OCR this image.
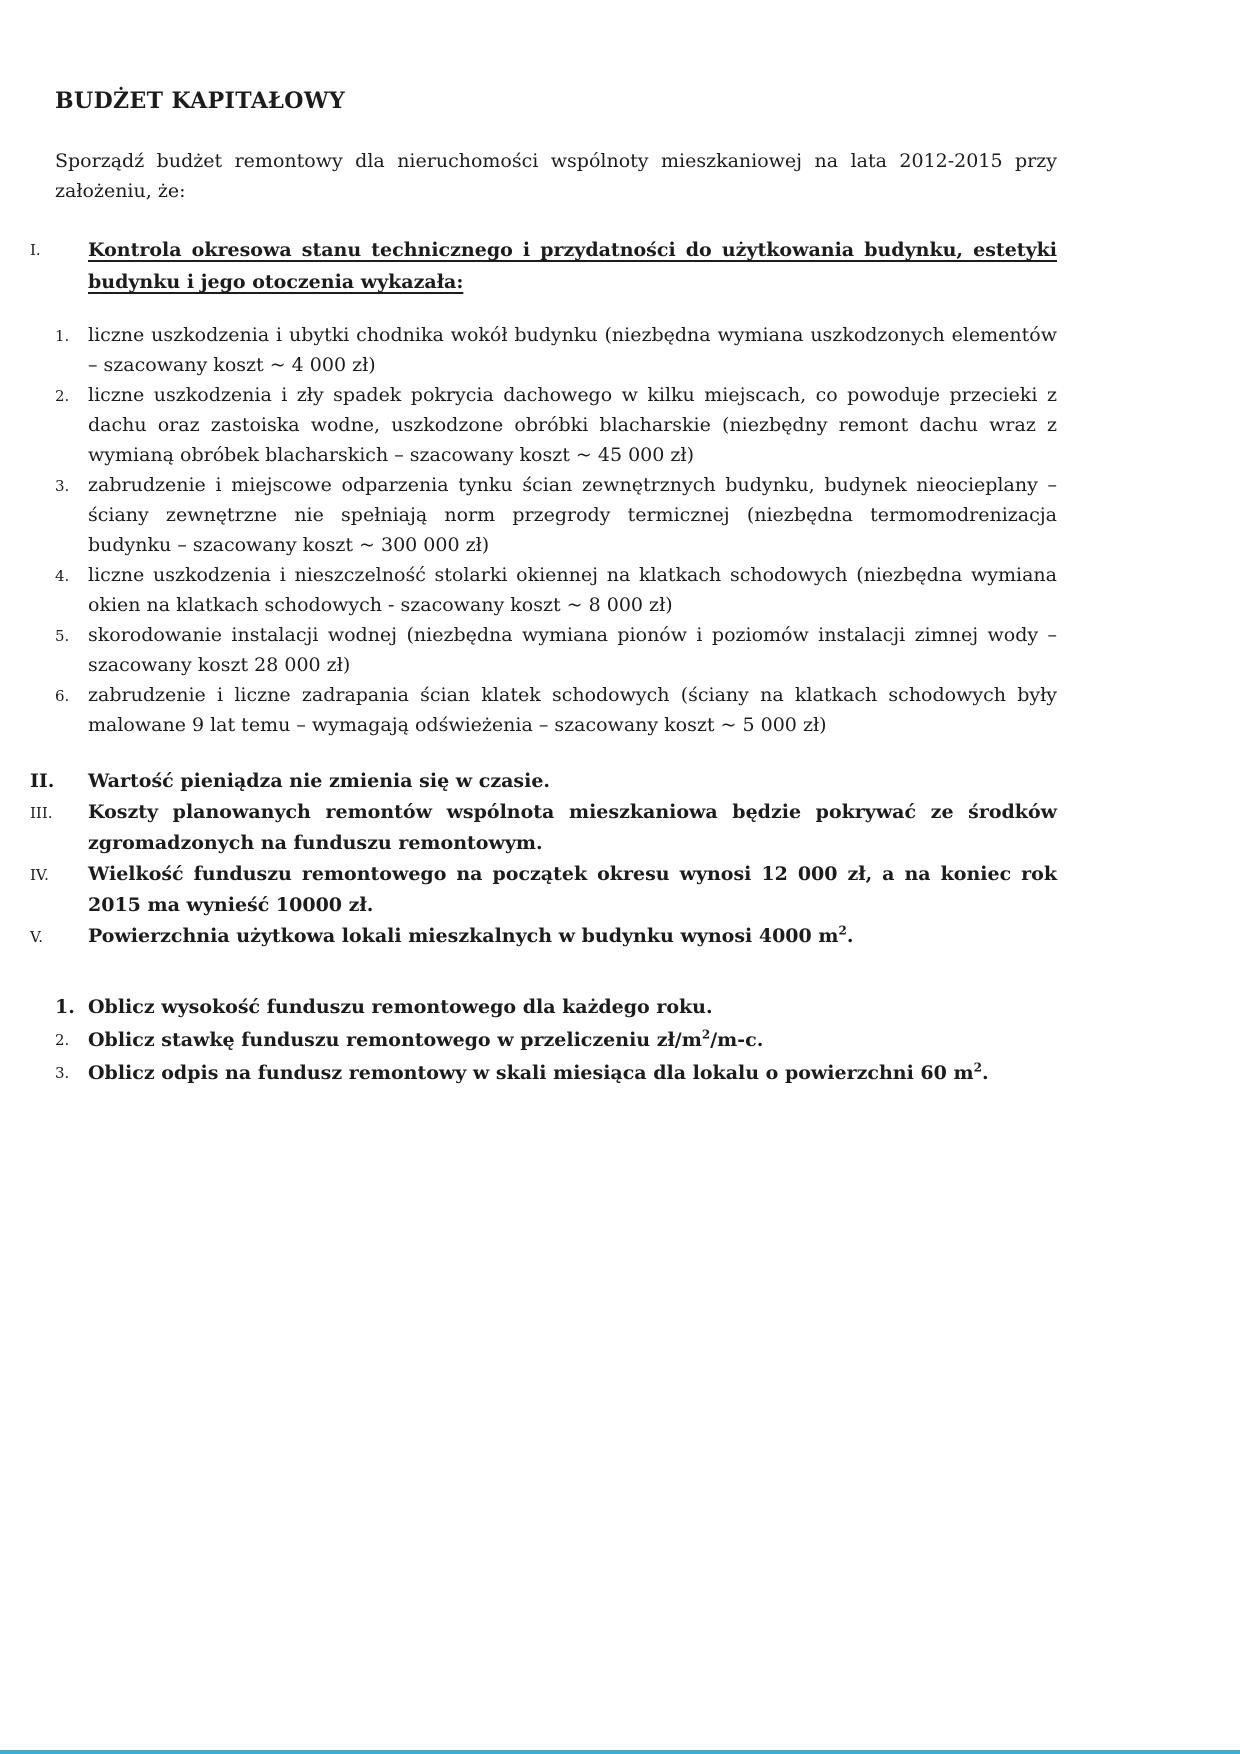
BUDŻET KAPITAŁOWY

Sporządź budżet remontowy dla nieruchomości wspólnoty mieszkaniowej na lata 2012-2015 przy założeniu, że:

I.	Kontrola okresowa stanu technicznego i przydatności do użytkowania budynku, estetyki budynku i jego otoczenia wykazała:
1. liczne uszkodzenia i ubytki chodnika wokół budynku (niezbędna wymiana uszkodzonych elementów – szacowany koszt ~ 4 000 zł)
2. liczne uszkodzenia i zły spadek pokrycia dachowego w kilku miejscach, co powoduje przecieki z dachu oraz zastoiska wodne, uszkodzone obróbki blacharskie (niezbędny remont dachu wraz z wymianą obróbek blacharskich – szacowany koszt ~ 45 000 zł)
3. zabrudzenie i miejscowe odparzenia tynku ścian zewnętrznych budynku, budynek nieocieplany – ściany zewnętrzne nie spełniają norm przegrody termicznej (niezbędna termomodrenizacja budynku – szacowany koszt ~ 300 000 zł)
4. liczne uszkodzenia i nieszczelność stolarki okiennej na klatkach schodowych (niezbędna wymiana okien na klatkach schodowych - szacowany koszt ~ 8 000 zł)
5. skorodowanie instalacji wodnej (niezbędna wymiana pionów i poziomów instalacji zimnej wody – szacowany koszt 28 000 zł)
6. zabrudzenie i liczne zadrapania ścian klatek schodowych (ściany na klatkach schodowych były malowane 9 lat temu – wymagają odświeżenia – szacowany koszt ~ 5 000 zł)
II.	Wartość pieniądza nie zmienia się w czasie.
III.	Koszty planowanych remontów wspólnota mieszkaniowa będzie pokrywać ze środków zgromadzonych na funduszu remontowym.
IV.	Wielkość funduszu remontowego na początek okresu wynosi 12 000 zł, a na koniec rok 2015 ma wynieść 10000 zł.
V.	Powierzchnia użytkowa lokali mieszkalnych w budynku wynosi 4000 $m^2$.
1. Oblicz wysokość funduszu remontowego dla każdego roku.
2. Oblicz stawkę funduszu remontowego w przeliczeniu $zł/m^2/m-c$.
3. Oblicz odpis na fundusz remontowy w skali miesiąca dla lokalu o powierzchni 60 $m^2$.
